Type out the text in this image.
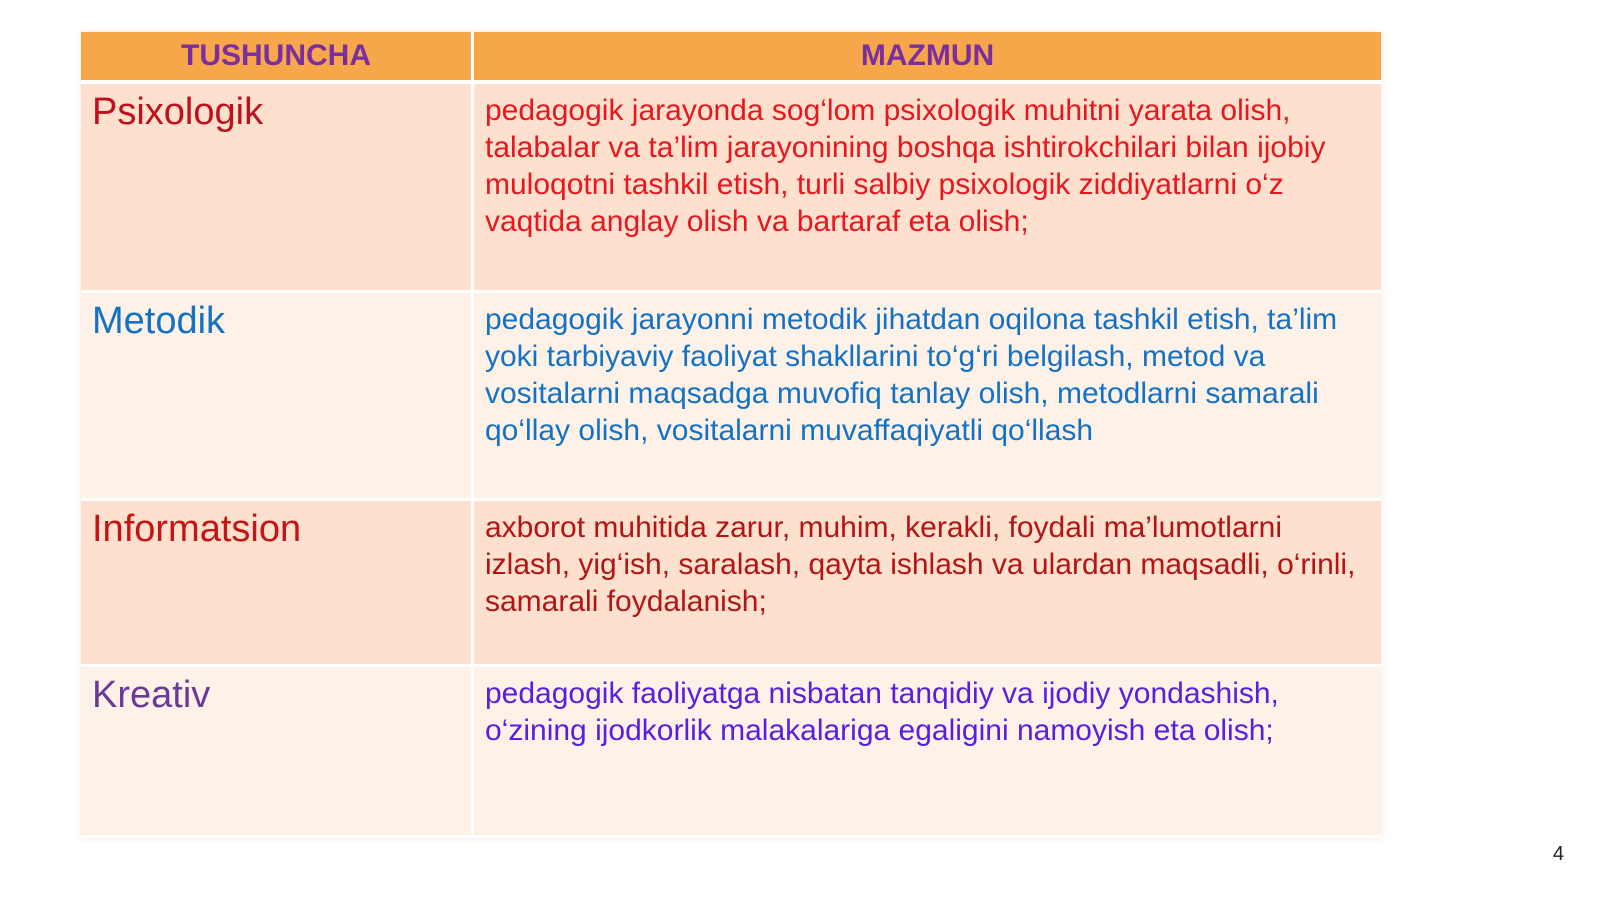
TUSHUNCHA	MAZMUN
Psixologik	pedagogik jarayonda sog‘lom psixologik muhitni yarata olish, talabalar va ta’lim jarayonining boshqa ishtirokchilari bilan ijobiy muloqotni tashkil etish, turli salbiy psixologik ziddiyatlarni o‘z vaqtida anglay olish va bartaraf eta olish;
Metodik	pedagogik jarayonni metodik jihatdan oqilona tashkil etish, ta’lim yoki tarbiyaviy faoliyat shakllarini to‘g‘ri belgilash, metod va vositalarni maqsadga muvofiq tanlay olish, metodlarni samarali qo‘llay olish, vositalarni muvaffaqiyatli qo‘llash
Informatsion	axborot muhitida zarur, muhim, kerakli, foydali ma’lumotlarni izlash, yig‘ish, saralash, qayta ishlash va ulardan maqsadli, o‘rinli, samarali foydalanish;
Kreativ	pedagogik faoliyatga nisbatan tanqidiy va ijodiy yondashish, o‘zining ijodkorlik malakalariga egaligini namoyish eta olish;
4
